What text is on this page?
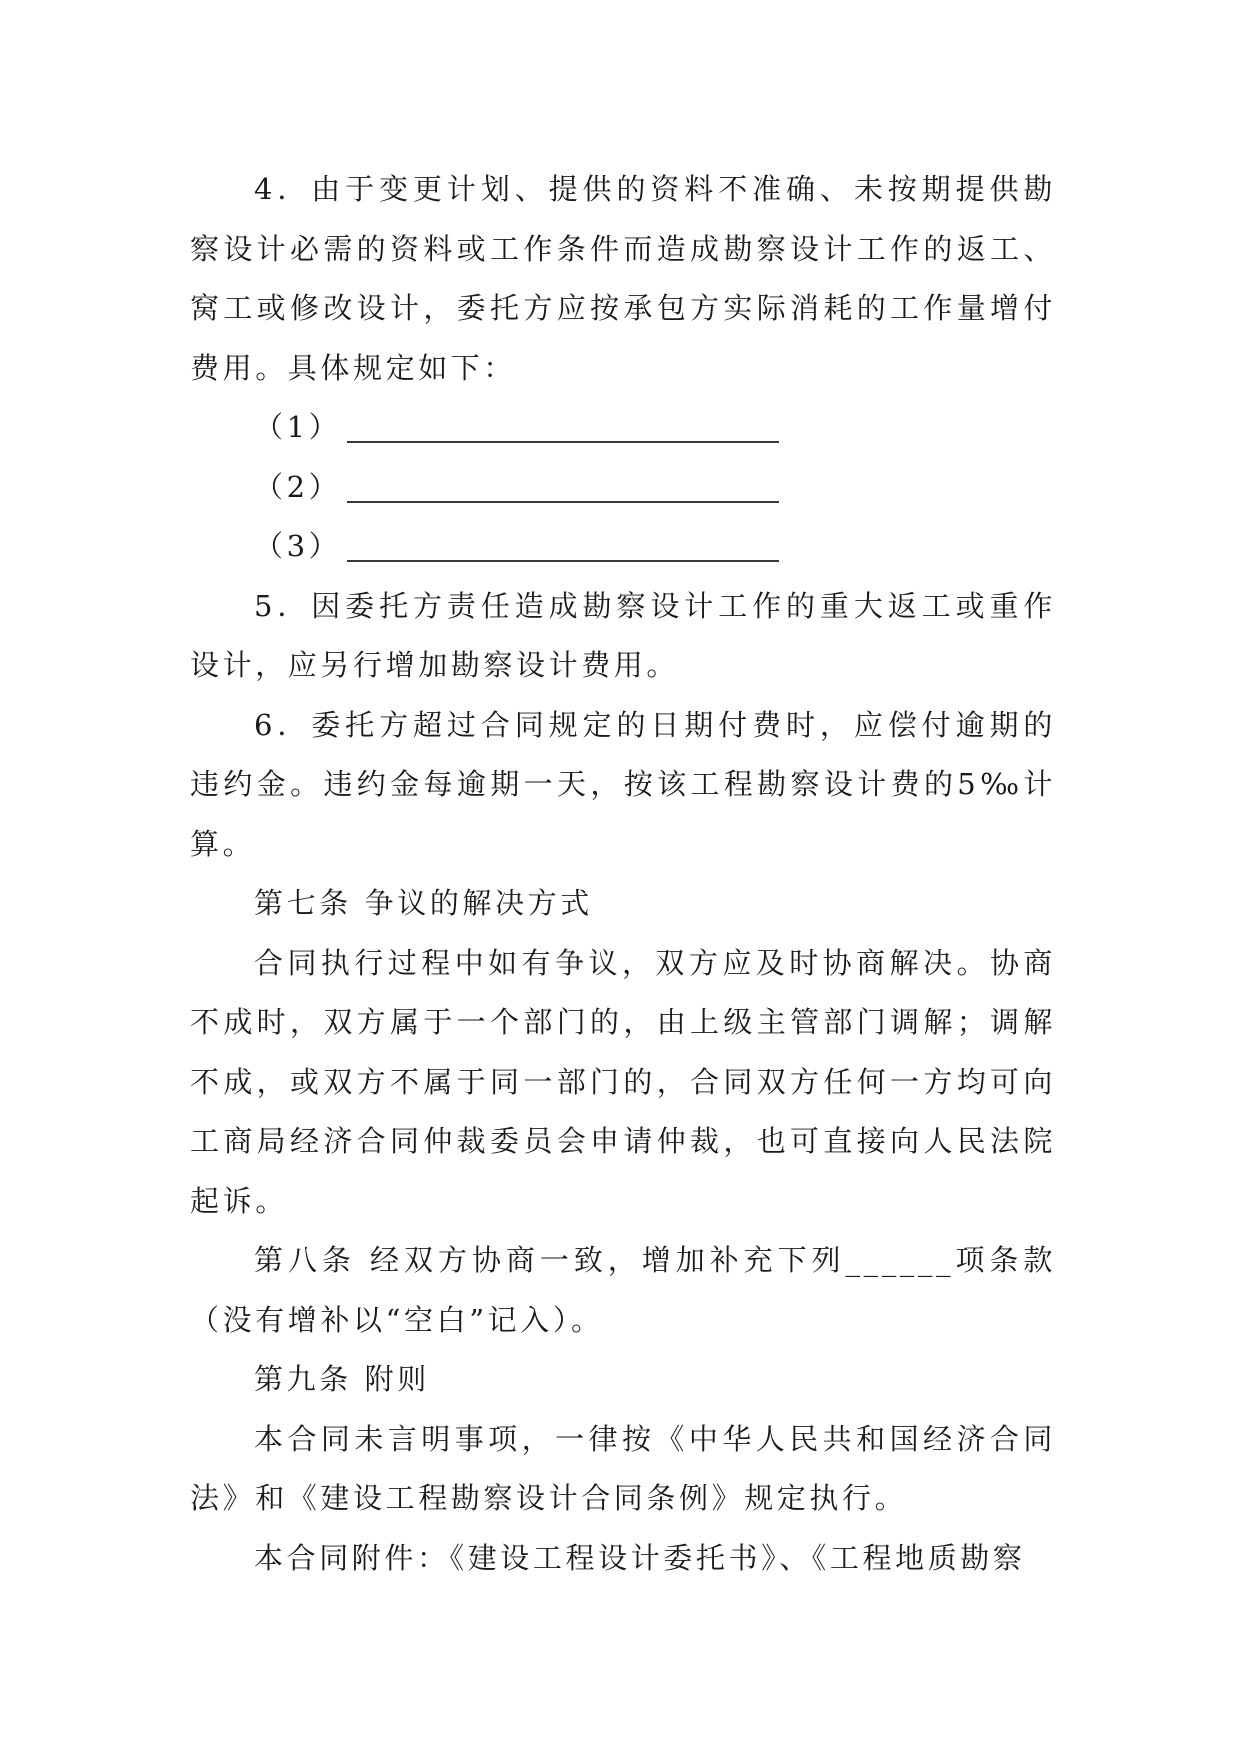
4．由于变更计划、提供的资料不准确、未按期提供勘察设计必需的资料或工作条件而造成勘察设计工作的返工、窝工或修改设计，委托方应按承包方实际消耗的工作量增付费用。具体规定如下：

（1）

（2）

（3）

5．因委托方责任造成勘察设计工作的重大返工或重作设计，应另行增加勘察设计费用。

6．委托方超过合同规定的日期付费时，应偿付逾期的违约金。违约金每逾期一天，按该工程勘察设计费的5‰计算。

第七条 争议的解决方式

合同执行过程中如有争议，双方应及时协商解决。协商不成时，双方属于一个部门的，由上级主管部门调解；调解不成，或双方不属于同一部门的，合同双方任何一方均可向工商局经济合同仲裁委员会申请仲裁，也可直接向人民法院起诉。

第八条 经双方协商一致，增加补充下列______项条款（没有增补以“空白”记入）。

第九条 附则

本合同未言明事项，一律按《中华人民共和国经济合同法》和《建设工程勘察设计合同条例》规定执行。

本合同附件：《建设工程设计委托书》、《工程地质勘察
